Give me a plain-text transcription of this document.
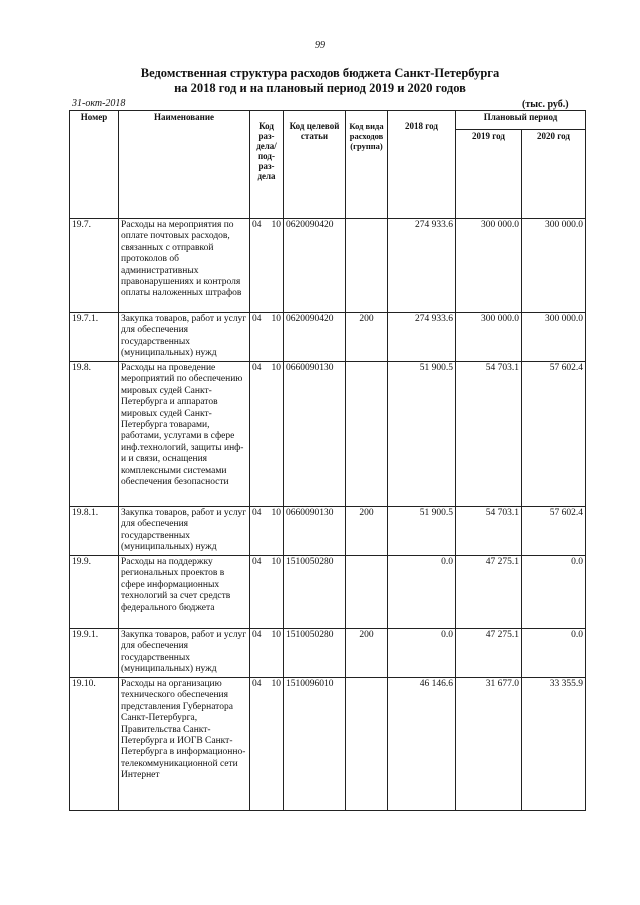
99
Ведомственная структура расходов бюджета Санкт-Петербурга
на 2018 год и на плановый период 2019 и 2020 годов
31-окт-2018	(тыс. руб.)
Номер	Наименование	Код раз- дела/ под- раз- дела	Код целевой статьи	Код вида расходов (группа)	2018 год	Плановый период	
						2019 год	2020 год
19.7.	Расходы на мероприятия по оплате почтовых расходов, связанных с отправкой протоколов об административных правонарушениях и контроля оплаты наложенных штрафов	04 10	0620090420		274 933.6	300 000.0	300 000.0
19.7.1.	Закупка товаров, работ и услуг для обеспечения государственных (муниципальных) нужд	04 10	0620090420	200	274 933.6	300 000.0	300 000.0
19.8.	Расходы на проведение мероприятий по обеспечению мировых судей Санкт-Петербурга и аппаратов мировых судей Санкт-Петербурга товарами, работами, услугами в сфере инф.технологий, защиты инф-и и связи, оснащения комплексными системами обеспечения безопасности	04 10	0660090130		51 900.5	54 703.1	57 602.4
19.8.1.	Закупка товаров, работ и услуг для обеспечения государственных (муниципальных) нужд	04 10	0660090130	200	51 900.5	54 703.1	57 602.4
19.9.	Расходы на поддержку региональных проектов в сфере информационных технологий за счет средств федерального бюджета	04 10	1510050280		0.0	47 275.1	0.0
19.9.1.	Закупка товаров, работ и услуг для обеспечения государственных (муниципальных) нужд	04 10	1510050280	200	0.0	47 275.1	0.0
19.10.	Расходы на организацию технического обеспечения представления Губернатора Санкт-Петербурга, Правительства Санкт-Петербурга и ИОГВ Санкт-Петербурга в информационно-телекоммуникационной сети Интернет	04 10	1510096010		46 146.6	31 677.0	33 355.9
